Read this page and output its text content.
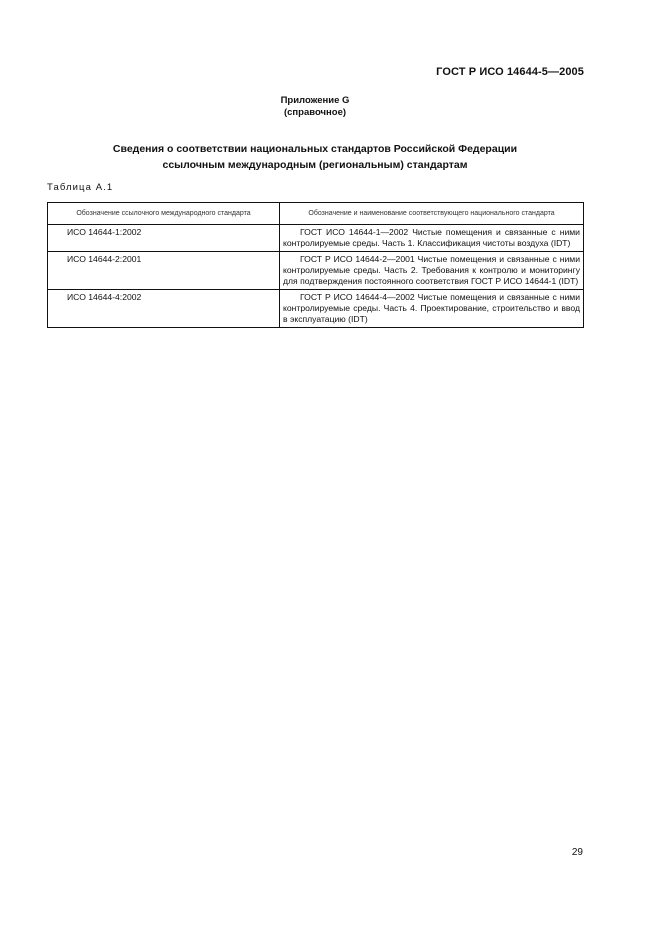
ГОСТ Р ИСО 14644-5—2005
Приложение G
(справочное)
Сведения о соответствии национальных стандартов Российской Федерации
ссылочным международным (региональным) стандартам
Таблица А.1
Обозначение ссылочного международного стандарта	Обозначение и наименование соответствующего национального стандарта
ИСО 14644-1:2002	ГОСТ ИСО 14644-1—2002 Чистые помещения и связанные с ними контролируемые среды. Часть 1. Классификация чистоты воздуха (IDT)
ИСО 14644-2:2001	ГОСТ Р ИСО 14644-2—2001 Чистые помещения и связанные с ними контролируемые среды. Часть 2. Требования к контролю и мониторингу для подтверждения постоянного соответствия ГОСТ Р ИСО 14644-1 (IDT)
ИСО 14644-4:2002	ГОСТ Р ИСО 14644-4—2002 Чистые помещения и связанные с ними контролируемые среды. Часть 4. Проектирование, строительство и ввод в эксплуатацию (IDT)
29
